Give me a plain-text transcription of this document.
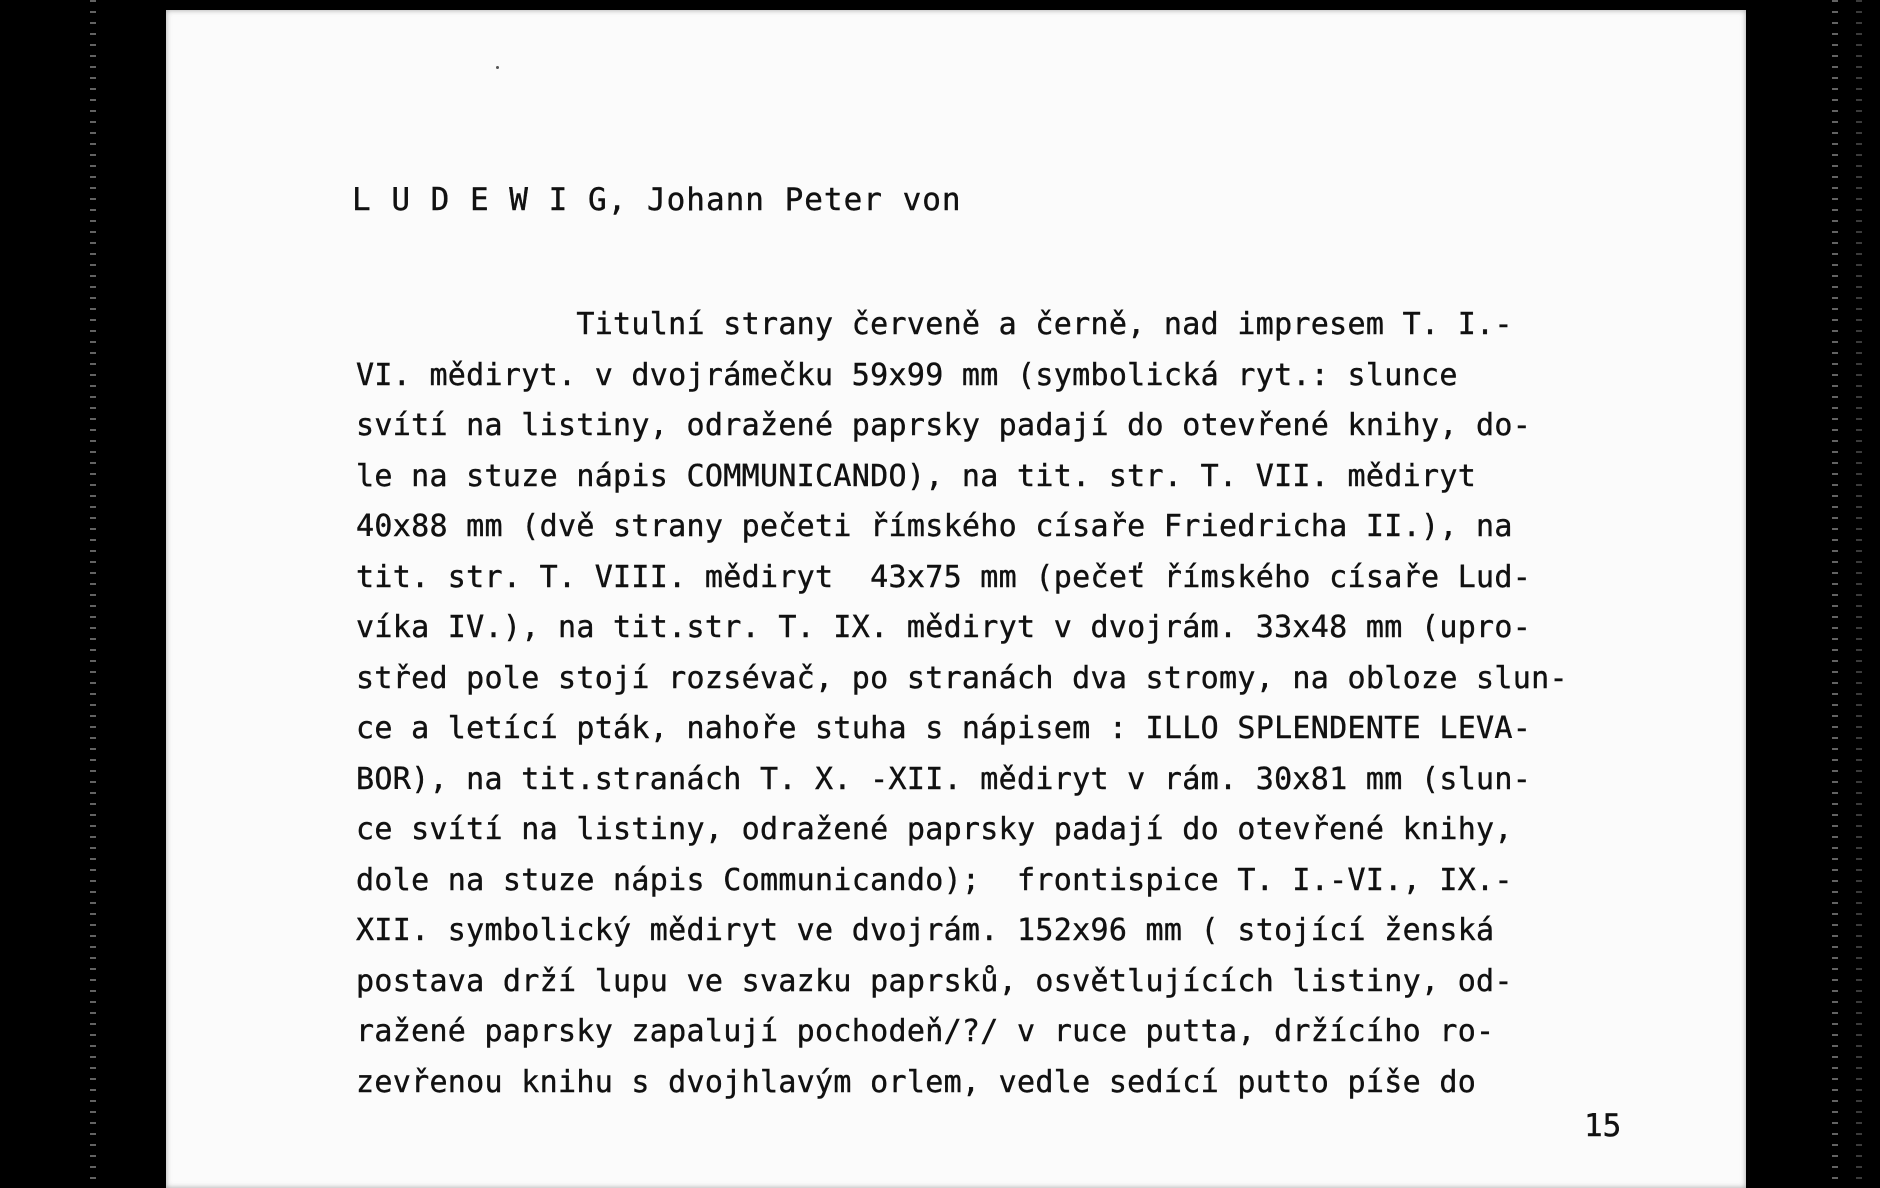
L U D E W I G, Johann Peter von
Titulní strany červeně a černě, nad impresem T. I.-
VI. mědiryt. v dvojrámečku 59x99 mm (symbolická ryt.: slunce
svítí na listiny, odražené paprsky padají do otevřené knihy, do-
le na stuze nápis COMMUNICANDO), na tit. str. T. VII. mědiryt
40x88 mm (dvě strany pečeti římského císaře Friedricha II.), na
tit. str. T. VIII. mědiryt  43x75 mm (pečeť římského císaře Lud-
víka IV.), na tit.str. T. IX. mědiryt v dvojrám. 33x48 mm (upro-
střed pole stojí rozsévač, po stranách dva stromy, na obloze slun-
ce a letící pták, nahoře stuha s nápisem : ILLO SPLENDENTE LEVA-
BOR), na tit.stranách T. X. -XII. mědiryt v rám. 30x81 mm (slun-
ce svítí na listiny, odražené paprsky padají do otevřené knihy,
dole na stuze nápis Communicando);  frontispice T. I.-VI., IX.-
XII. symbolický mědiryt ve dvojrám. 152x96 mm ( stojící ženská
postava drží lupu ve svazku paprsků, osvětlujících listiny, od-
ražené paprsky zapalují pochodeň/?/ v ruce putta, držícího ro-
zevřenou knihu s dvojhlavým orlem, vedle sedící putto píše do
15
